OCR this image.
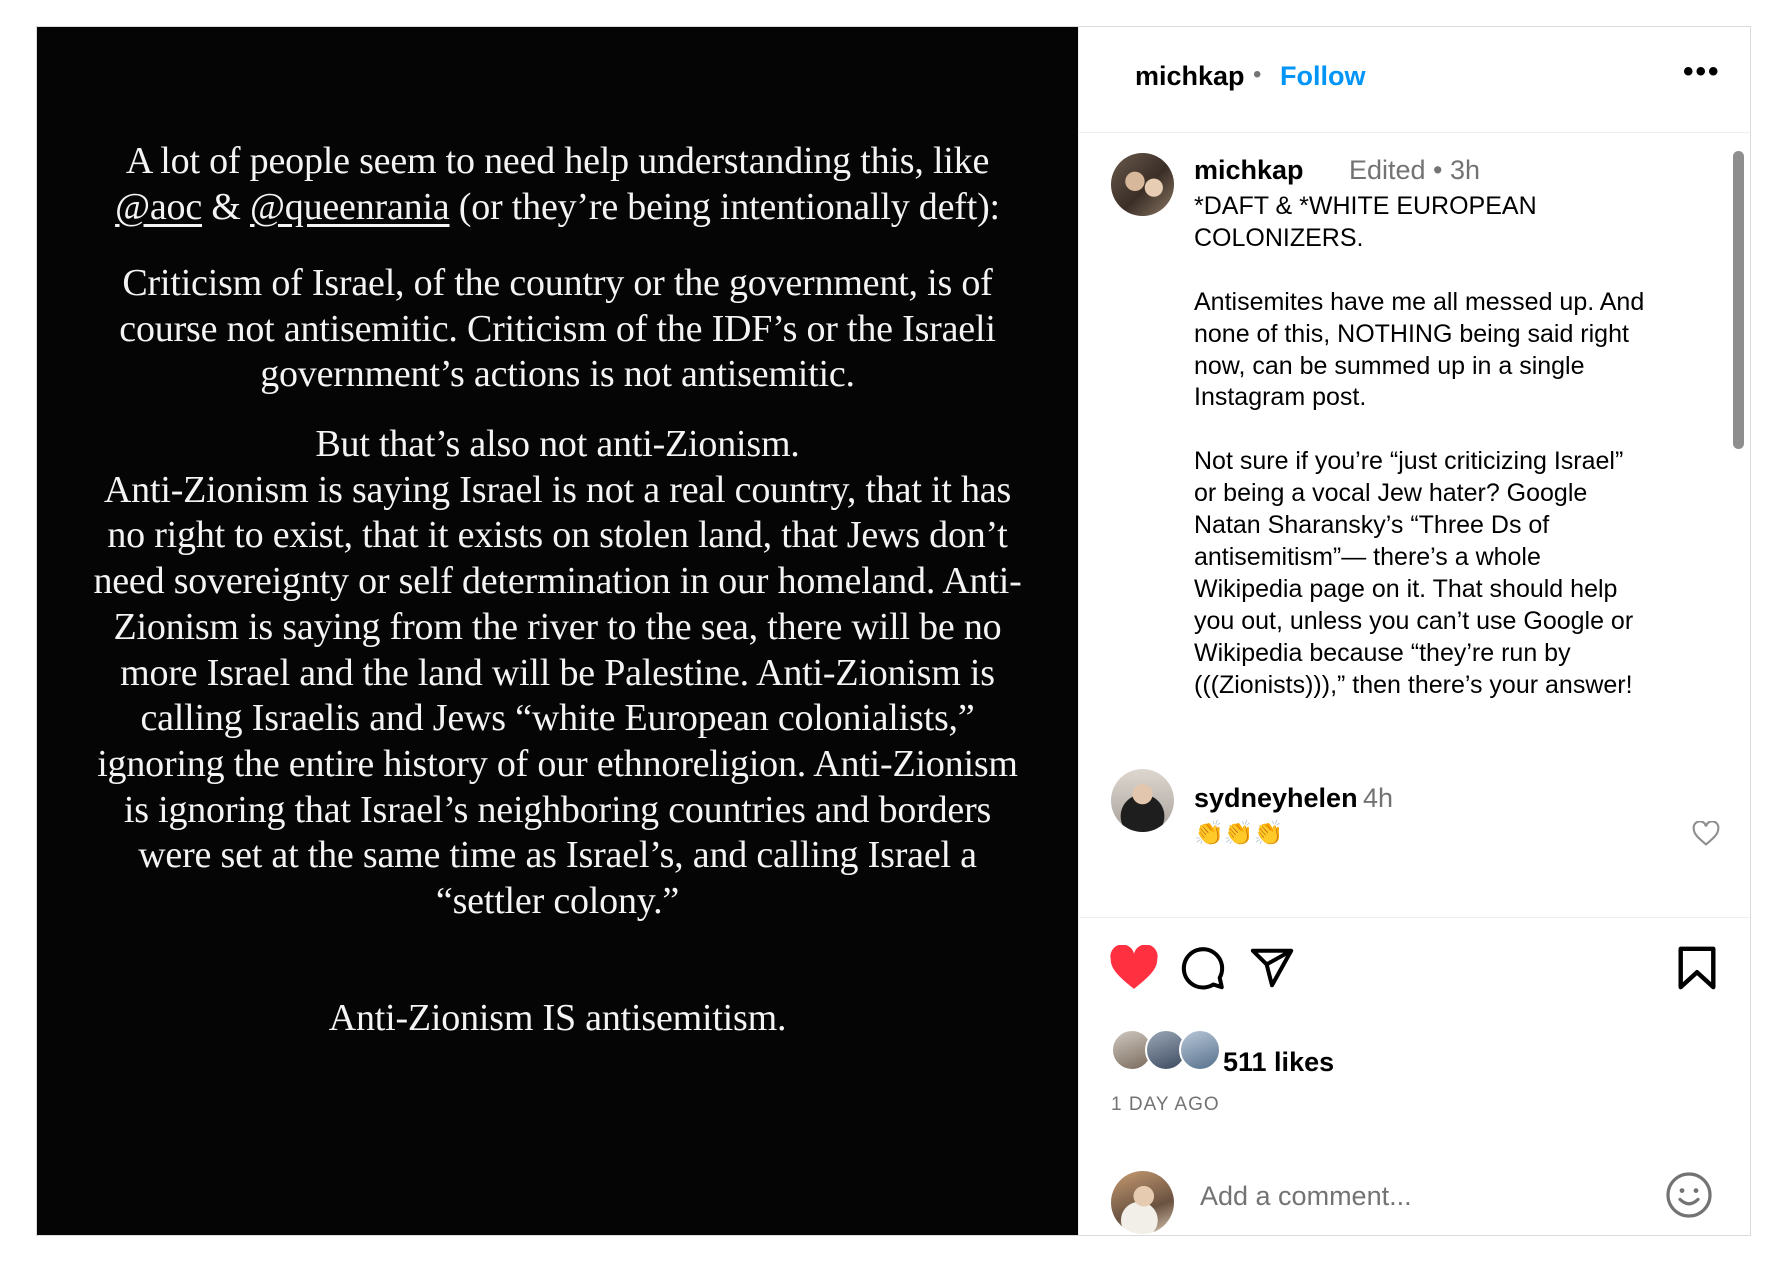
A lot of people seem to need help understanding this, like
@aoc & @queenrania (or they’re being intentionally deft):
Criticism of Israel, of the country or the government, is of
course not antisemitic. Criticism of the IDF’s or the Israeli
government’s actions is not antisemitic.
But that’s also not anti-Zionism.
Anti-Zionism is saying Israel is not a real country, that it has
no right to exist, that it exists on stolen land, that Jews don’t
need sovereignty or self determination in our homeland. Anti-
Zionism is saying from the river to the sea, there will be no
more Israel and the land will be Palestine. Anti-Zionism is
calling Israelis and Jews “white European colonialists,”
ignoring the entire history of our ethnoreligion. Anti-Zionism
is ignoring that Israel’s neighboring countries and borders
were set at the same time as Israel’s, and calling Israel a
“settler colony.”
Anti-Zionism IS antisemitism.
michkap • Follow	•••
michkap Edited • 3h
*DAFT & *WHITE EUROPEAN
COLONIZERS.

Antisemites have me all messed up. And
none of this, NOTHING being said right
now, can be summed up in a single
Instagram post.

Not sure if you’re “just criticizing Israel”
or being a vocal Jew hater? Google
Natan Sharansky’s “Three Ds of
antisemitism”— there’s a whole
Wikipedia page on it. That should help
you out, unless you can’t use Google or
Wikipedia because “they’re run by
(((Zionists))),” then there’s your answer!
sydneyhelen 4h
👏👏👏
511 likes
1 DAY AGO
Add a comment...
